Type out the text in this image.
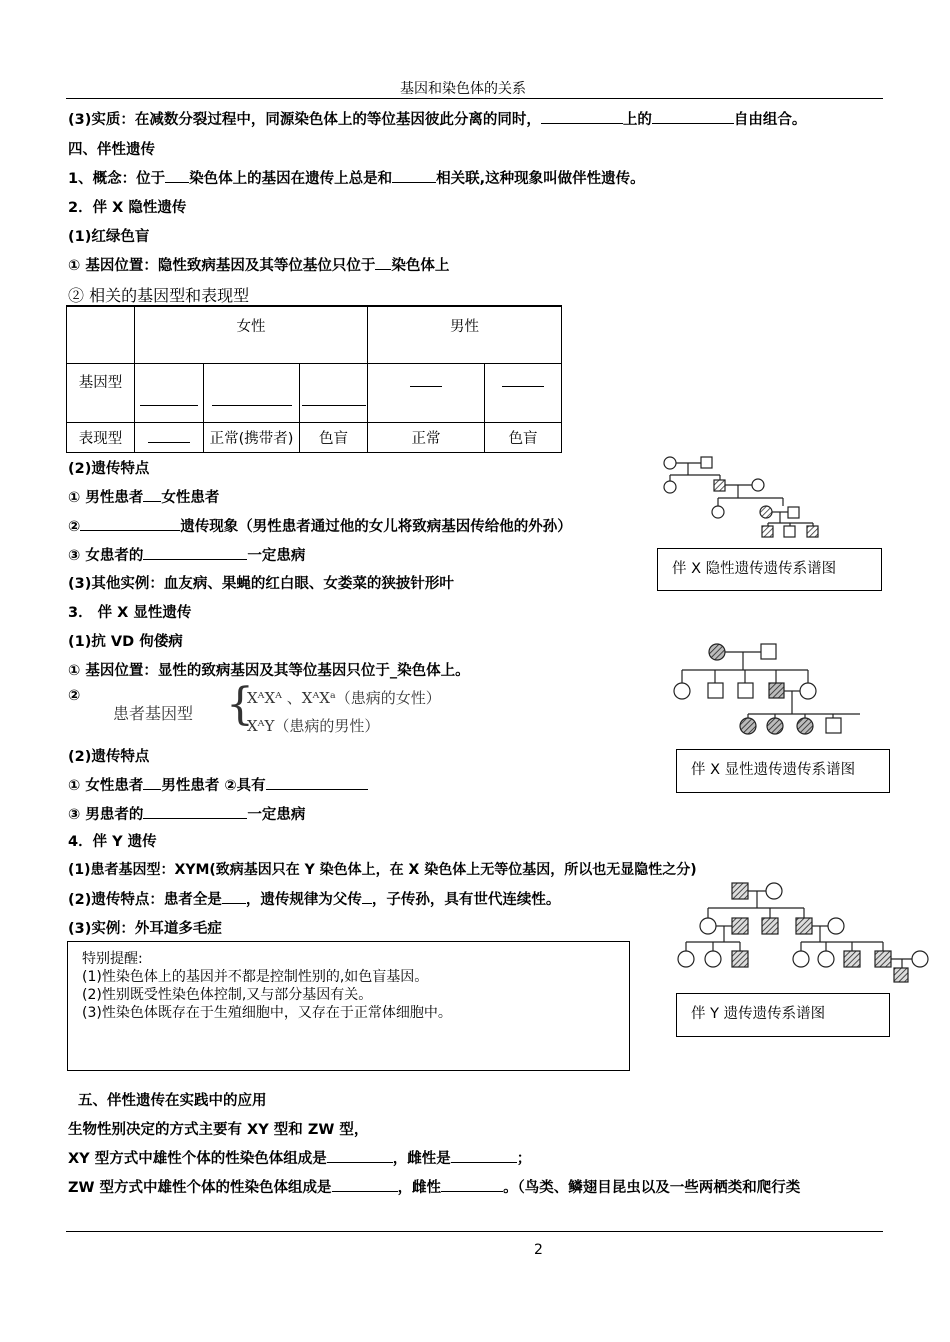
基因和染色体的关系
(3)实质：在减数分裂过程中，同源染色体上的等位基因彼此分离的同时，	上的	自由组合。
四、伴性遗传
1、概念：位于 染色体上的基因在遗传上总是和	相关联,这种现象叫做伴性遗传。
2．伴 X 隐性遗传
(1)红绿色盲
① 基因位置：隐性致病基因及其等位基位只位于 染色体上
② 相关的基因型和表现型
	女性			男性	
基因型					
表现型		正常(携带者)	色盲	正常	色盲
(2)遗传特点
① 男性患者 女性患者
②	遗传现象（男性患者通过他的女儿将致病基因传给他的外孙）
③ 女患者的	一定患病
(3)其他实例：血友病、果蝇的红白眼、女娄菜的狭披针形叶
伴 X 隐性遗传遗传系谱图
3． 伴 X 显性遗传
(1)抗 VD 佝偻病
① 基因位置：显性的致病基因及其等位基因只位于_染色体上。
②
患者基因型 {
XᴬXᴬ 、XᴬXᵃ（患病的女性）
XᴬY（患病的男性）
(2)遗传特点
① 女性患者 男性患者 ②具有
③ 男患者的	一定患病
伴 X 显性遗传遗传系谱图
4．伴 Y 遗传
(1)患者基因型：XYM(致病基因只在 Y 染色体上，在 X 染色体上无等位基因，所以也无显隐性之分)
(2)遗传特点：患者全是 ，遗传规律为父传 ，子传孙，具有世代连续性。
(3)实例：外耳道多毛症
特别提醒:
(1)性染色体上的基因并不都是控制性别的,如色盲基因。
(2)性别既受性染色体控制,又与部分基因有关。
(3)性染色体既存在于生殖细胞中，又存在于正常体细胞中。	伴 Y 遗传遗传系谱图
五、伴性遗传在实践中的应用
生物性别决定的方式主要有 XY 型和 ZW 型，
XY 型方式中雄性个体的性染色体组成是	，雌性是	；
ZW 型方式中雄性个体的性染色体组成是	，雌性	。（鸟类、鳞翅目昆虫以及一些两栖类和爬行类
2
